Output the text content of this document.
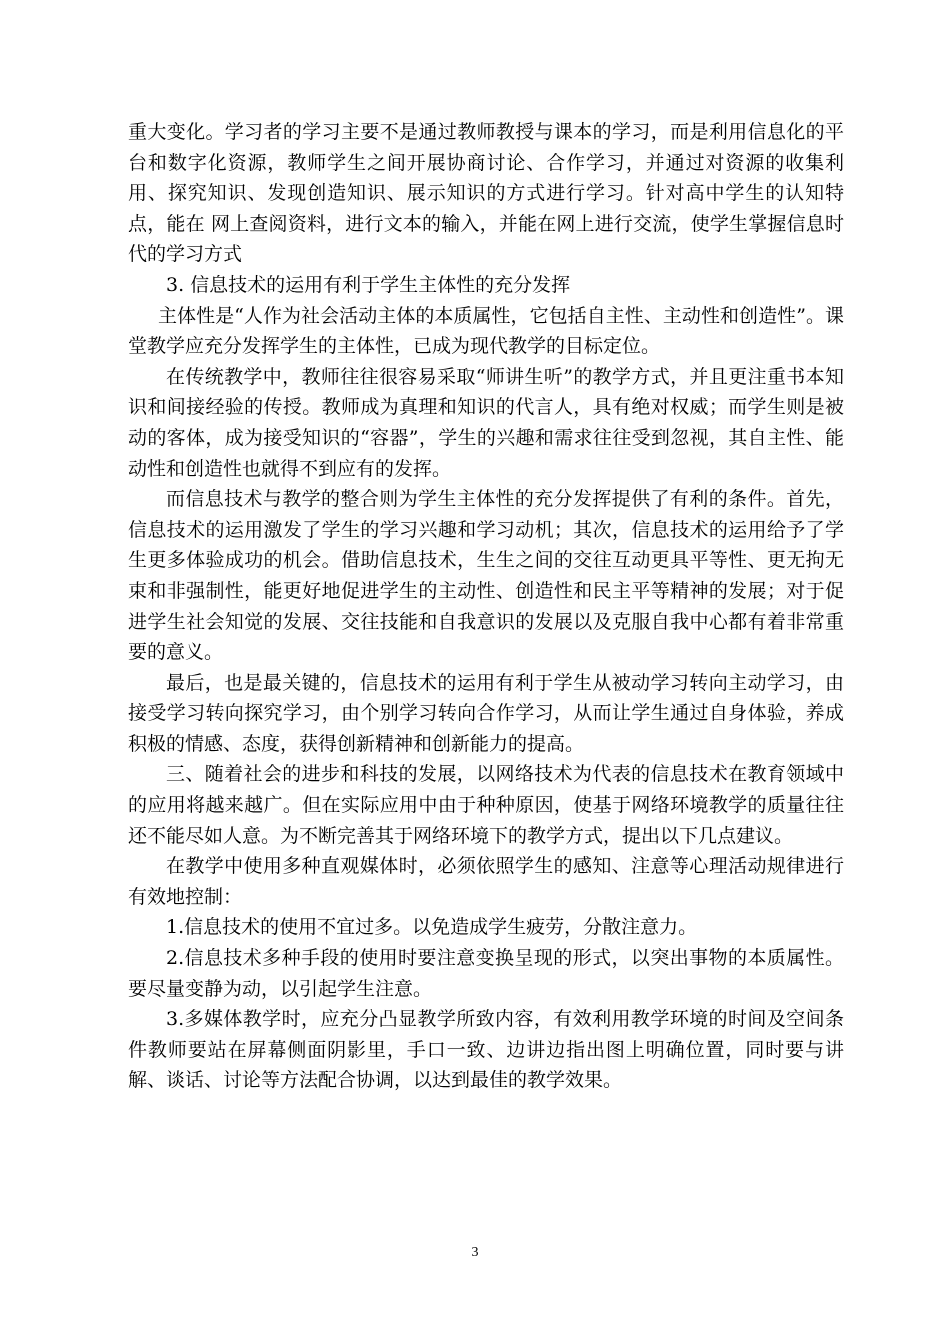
重大变化。学习者的学习主要不是通过教师教授与课本的学习，而是利用信息化的平台和数字化资源，教师学生之间开展协商讨论、合作学习，并通过对资源的收集利用、探究知识、发现创造知识、展示知识的方式进行学习。针对高中学生的认知特点，能在 网上查阅资料，进行文本的输入，并能在网上进行交流，使学生掌握信息时代的学习方式

3. 信息技术的运用有利于学生主体性的充分发挥

主体性是“人作为社会活动主体的本质属性，它包括自主性、主动性和创造性”。课堂教学应充分发挥学生的主体性，已成为现代教学的目标定位。

在传统教学中，教师往往很容易采取“师讲生听”的教学方式，并且更注重书本知识和间接经验的传授。教师成为真理和知识的代言人，具有绝对权威；而学生则是被动的客体，成为接受知识的“容器”，学生的兴趣和需求往往受到忽视，其自主性、能动性和创造性也就得不到应有的发挥。

而信息技术与教学的整合则为学生主体性的充分发挥提供了有利的条件。首先，信息技术的运用激发了学生的学习兴趣和学习动机；其次，信息技术的运用给予了学生更多体验成功的机会。借助信息技术，生生之间的交往互动更具平等性、更无拘无束和非强制性，能更好地促进学生的主动性、创造性和民主平等精神的发展；对于促进学生社会知觉的发展、交往技能和自我意识的发展以及克服自我中心都有着非常重要的意义。

最后，也是最关键的，信息技术的运用有利于学生从被动学习转向主动学习，由接受学习转向探究学习，由个别学习转向合作学习，从而让学生通过自身体验，养成积极的情感、态度，获得创新精神和创新能力的提高。

三、随着社会的进步和科技的发展，以网络技术为代表的信息技术在教育领域中的应用将越来越广。但在实际应用中由于种种原因，使基于网络环境教学的质量往往还不能尽如人意。为不断完善其于网络环境下的教学方式，提出以下几点建议。

在教学中使用多种直观媒体时，必须依照学生的感知、注意等心理活动规律进行有效地控制：

1.信息技术的使用不宜过多。以免造成学生疲劳，分散注意力。

2.信息技术多种手段的使用时要注意变换呈现的形式，以突出事物的本质属性。要尽量变静为动，以引起学生注意。

3.多媒体教学时，应充分凸显教学所致内容，有效利用教学环境的时间及空间条件教师要站在屏幕侧面阴影里，手口一致、边讲边指出图上明确位置，同时要与讲解、谈话、讨论等方法配合协调，以达到最佳的教学效果。

3
